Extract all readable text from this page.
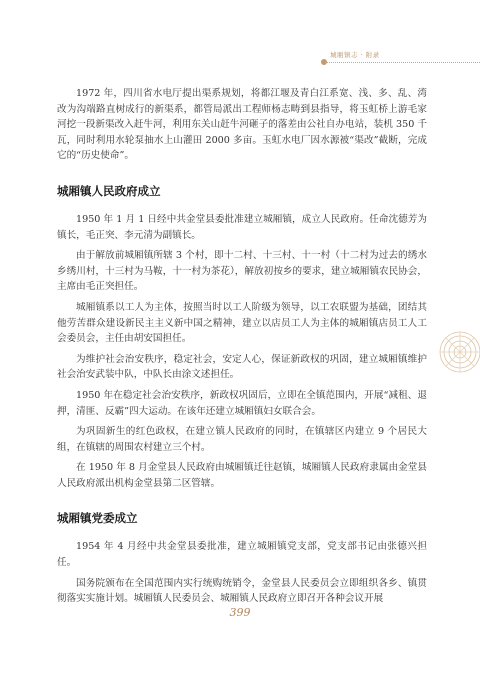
城厢镇志 · 附录

1972 年，四川省水电厅提出渠系规划，将都江堰及青白江系宽、浅、多、乱、湾改为沟端路直树成行的新渠系，都管局派出工程师杨志畴到县指导，将玉虹桥上游毛家河挖一段新渠改入赶牛河，利用东关山赶牛河砸子的落差由公社自办电站，装机 350 千瓦，同时利用水轮泵抽水上山灌田 2000 多亩。玉虹水电厂因水源被“渠改”截断，完成它的“历史使命”。

城厢镇人民政府成立

1950 年 1 月 1 日经中共金堂县委批准建立城厢镇，成立人民政府。任命沈德芳为镇长，毛正突、李元清为副镇长。

由于解放前城厢镇所辖 3 个村，即十二村、十三村、十一村（十二村为过去的绣水乡绣川村，十三村为马鞍，十一村为茶花），解放初按乡的要求，建立城厢镇农民协会，主席由毛正突担任。

城厢镇系以工人为主体，按照当时以工人阶级为领导，以工农联盟为基础，团结其他劳苦群众建设新民主主义新中国之精神，建立以店员工人为主体的城厢镇店员工人工会委员会，主任由胡安国担任。

为维护社会治安秩序，稳定社会，安定人心，保证新政权的巩固，建立城厢镇维护社会治安武装中队，中队长由涂文述担任。

1950 年在稳定社会治安秩序，新政权巩固后，立即在全镇范围内，开展“减租、退押，清匪、反霸”四大运动。在该年还建立城厢镇妇女联合会。

为巩固新生的红色政权，在建立镇人民政府的同时，在镇辖区内建立 9 个居民大组，在镇辖的周围农村建立三个村。

在 1950 年 8 月金堂县人民政府由城厢镇迁往赵镇，城厢镇人民政府隶属由金堂县人民政府派出机构金堂县第二区管辖。

城厢镇党委成立

1954 年 4 月经中共金堂县委批准，建立城厢镇党支部，党支部书记由张德兴担任。

国务院颁布在全国范围内实行统购统销令，金堂县人民委员会立即组织各乡、镇贯彻落实实施计划。城厢镇人民委员会、城厢镇人民政府立即召开各种会议开展

399
